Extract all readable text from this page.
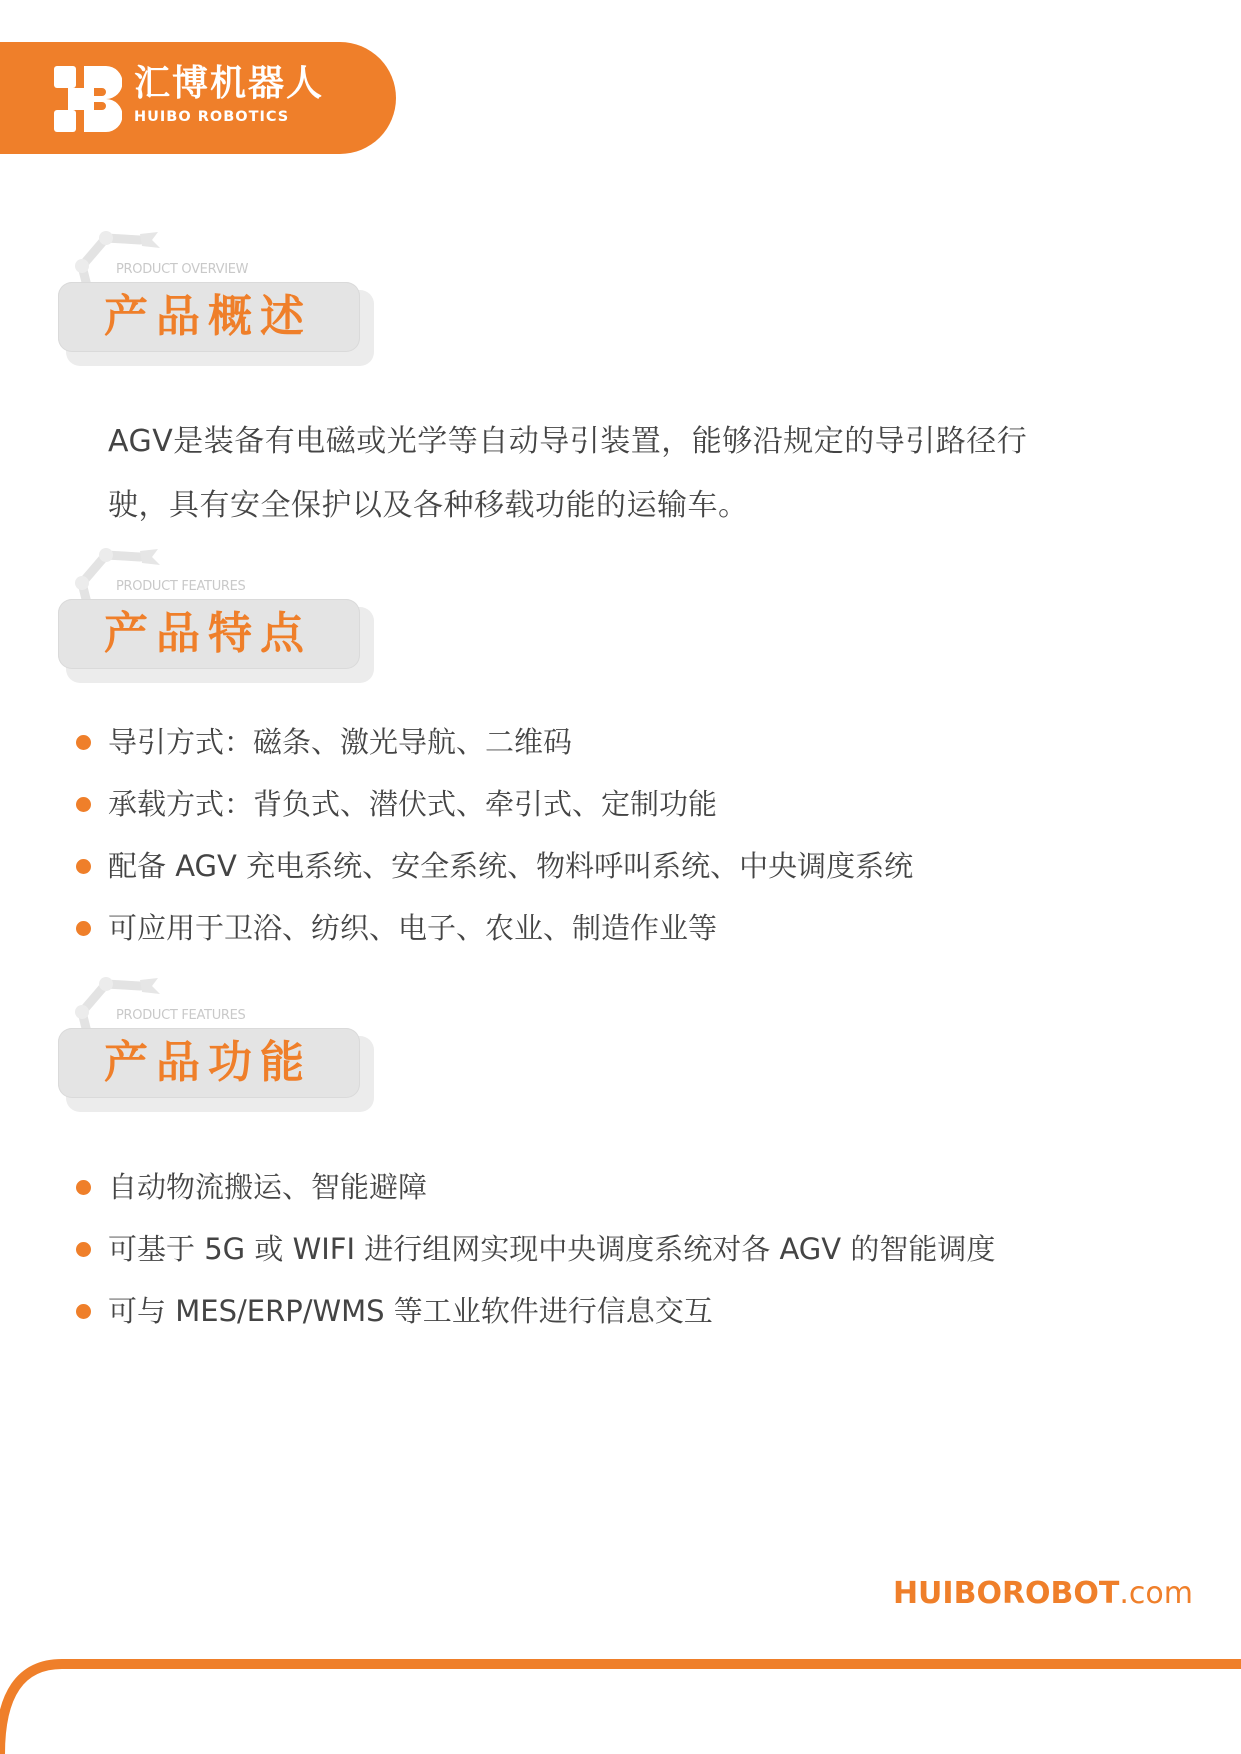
汇博机器人
HUIBO ROBOTICS
PRODUCT OVERVIEW
产品概述
AGV是装备有电磁或光学等自动导引装置，能够沿规定的导引路径行
驶，具有安全保护以及各种移载功能的运输车。
PRODUCT FEATURES
产品特点
导引方式：磁条、激光导航、二维码
承载方式：背负式、潜伏式、牵引式、定制功能
配备 AGV 充电系统、安全系统、物料呼叫系统、中央调度系统
可应用于卫浴、纺织、电子、农业、制造作业等
PRODUCT FEATURES
产品功能
自动物流搬运、智能避障
可基于 5G 或 WIFI 进行组网实现中央调度系统对各 AGV 的智能调度
可与 MES/ERP/WMS 等工业软件进行信息交互
HUIBOROBOT.com
